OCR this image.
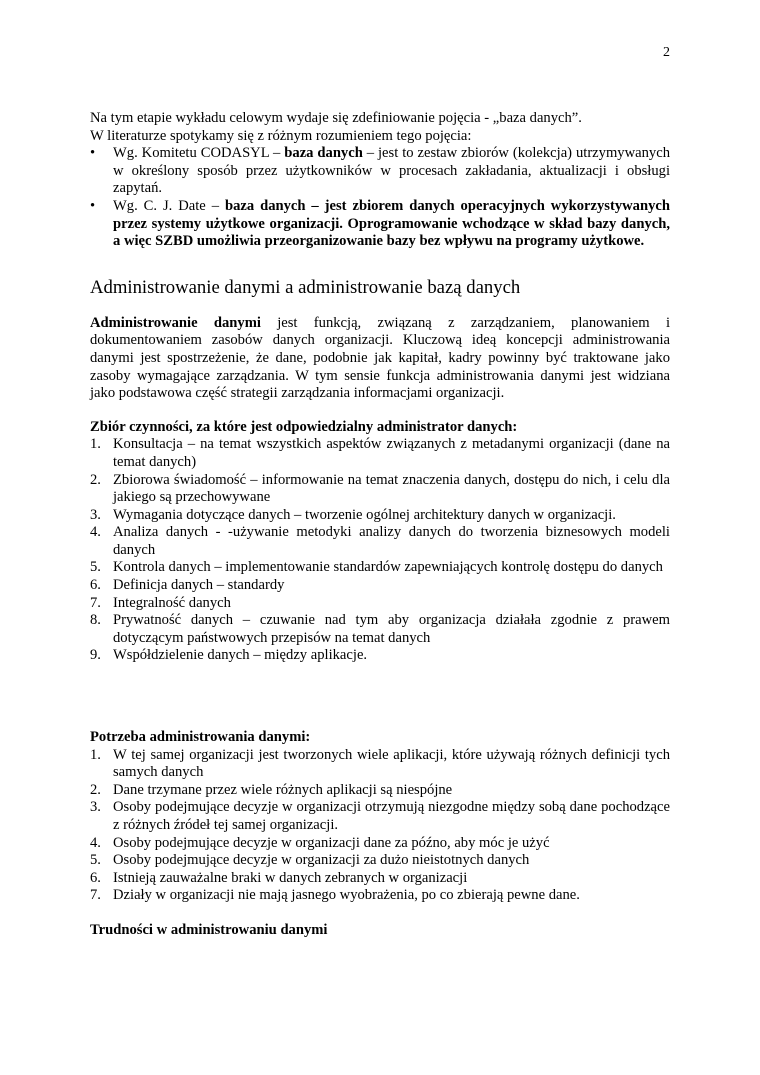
2

Na tym etapie wykładu celowym wydaje się zdefiniowanie pojęcia - „baza danych”.

W literaturze spotykamy się z różnym rozumieniem tego pojęcia:

• Wg. Komitetu CODASYL – baza danych – jest to zestaw zbiorów (kolekcja) utrzymywanych w określony sposób przez użytkowników w procesach zakładania, aktualizacji i obsługi zapytań.
• Wg. C. J. Date – baza danych – jest zbiorem danych operacyjnych wykorzystywanych przez systemy użytkowe organizacji. Oprogramowanie wchodzące w skład bazy danych, a więc SZBD umożliwia przeorganizowanie bazy bez wpływu na programy użytkowe.
Administrowanie danymi a administrowanie bazą danych

Administrowanie danymi jest funkcją, związaną z zarządzaniem, planowaniem i dokumentowaniem zasobów danych organizacji. Kluczową ideą koncepcji administrowania danymi jest spostrzeżenie, że dane, podobnie jak kapitał, kadry powinny być traktowane jako zasoby wymagające zarządzania. W tym sensie funkcja administrowania danymi jest widziana jako podstawowa część strategii zarządzania informacjami organizacji.

Zbiór czynności, za które jest odpowiedzialny administrator danych:

1. Konsultacja – na temat wszystkich aspektów związanych z metadanymi organizacji (dane na temat danych)
2. Zbiorowa świadomość – informowanie na temat znaczenia danych, dostępu do nich, i celu dla jakiego są przechowywane
3. Wymagania dotyczące danych – tworzenie ogólnej architektury danych w organizacji.
4. Analiza danych - -używanie metodyki analizy danych do tworzenia biznesowych modeli danych
5. Kontrola danych – implementowanie standardów zapewniających kontrolę dostępu do danych
6. Definicja danych – standardy
7. Integralność danych
8. Prywatność danych – czuwanie nad tym aby organizacja działała zgodnie z prawem dotyczącym państwowych przepisów na temat danych
9. Współdzielenie danych – między aplikacje.

Potrzeba administrowania danymi:

1. W tej samej organizacji jest tworzonych wiele aplikacji, które używają różnych definicji tych samych danych
2. Dane trzymane przez wiele różnych aplikacji są niespójne
3. Osoby podejmujące decyzje w organizacji otrzymują niezgodne między sobą dane pochodzące z różnych źródeł tej samej organizacji.
4. Osoby podejmujące decyzje w organizacji dane za późno, aby móc je użyć
5. Osoby podejmujące decyzje w organizacji za dużo nieistotnych danych
6. Istnieją zauważalne braki w danych zebranych w organizacji
7. Działy w organizacji nie mają jasnego wyobrażenia, po co zbierają pewne dane.

Trudności w administrowaniu danymi
